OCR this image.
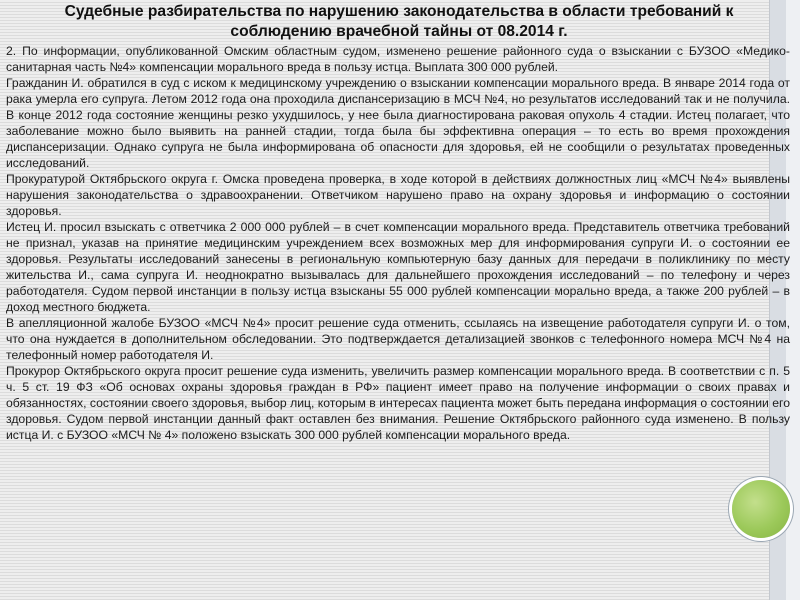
Судебные разбирательства по нарушению законодательства в области требований к соблюдению врачебной тайны от 08.2014 г.

2. По информации, опубликованной Омским областным судом, изменено решение районного суда о взыскании с БУЗОО «Медико-санитарная часть №4» компенсации морального вреда в пользу истца. Выплата 300 000 рублей.

Гражданин И. обратился в суд с иском к медицинскому учреждению о взыскании компенсации морального вреда. В январе 2014 года от рака умерла его супруга. Летом 2012 года она проходила диспансеризацию в МСЧ №4, но результатов исследований так и не получила. В конце 2012 года состояние женщины резко ухудшилось, у нее была диагностирована раковая опухоль 4 стадии. Истец полагает, что заболевание можно было выявить на ранней стадии, тогда была бы эффективна операция – то есть во время прохождения диспансеризации. Однако супруга не была информирована об опасности для здоровья, ей не сообщили о результатах проведенных исследований.

Прокуратурой Октябрьского округа г. Омска проведена проверка, в ходе которой в действиях должностных лиц «МСЧ №4» выявлены нарушения законодательства о здравоохранении. Ответчиком нарушено право на охрану здоровья и информацию о состоянии здоровья.

Истец И. просил взыскать с ответчика 2 000 000 рублей – в счет компенсации морального вреда. Представитель ответчика требований не признал, указав на принятие медицинским учреждением всех возможных мер для информирования супруги И. о состоянии ее здоровья. Результаты исследований занесены в региональную компьютерную базу данных для передачи в поликлинику по месту жительства И., сама супруга И. неоднократно вызывалась для дальнейшего прохождения исследований – по телефону и через работодателя. Судом первой инстанции в пользу истца взысканы 55 000 рублей компенсации морально вреда, а также 200 рублей – в доход местного бюджета.

В апелляционной жалобе БУЗОО «МСЧ №4» просит решение суда отменить, ссылаясь на извещение работодателя супруги И. о том, что она нуждается в дополнительном обследовании. Это подтверждается детализацией звонков с телефонного номера МСЧ №4 на телефонный номер работодателя И.

Прокурор Октябрьского округа просит решение суда изменить, увеличить размер компенсации морального вреда. В соответствии с п. 5 ч. 5 ст. 19 ФЗ «Об основах охраны здоровья граждан в РФ» пациент имеет право на получение информации о своих правах и обязанностях, состоянии своего здоровья, выбор лиц, которым в интересах пациента может быть передана информация о состоянии его здоровья. Судом первой инстанции данный факт оставлен без внимания. Решение Октябрьского районного суда изменено. В пользу истца И. с БУЗОО «МСЧ № 4» положено взыскать 300 000 рублей компенсации морального вреда.
